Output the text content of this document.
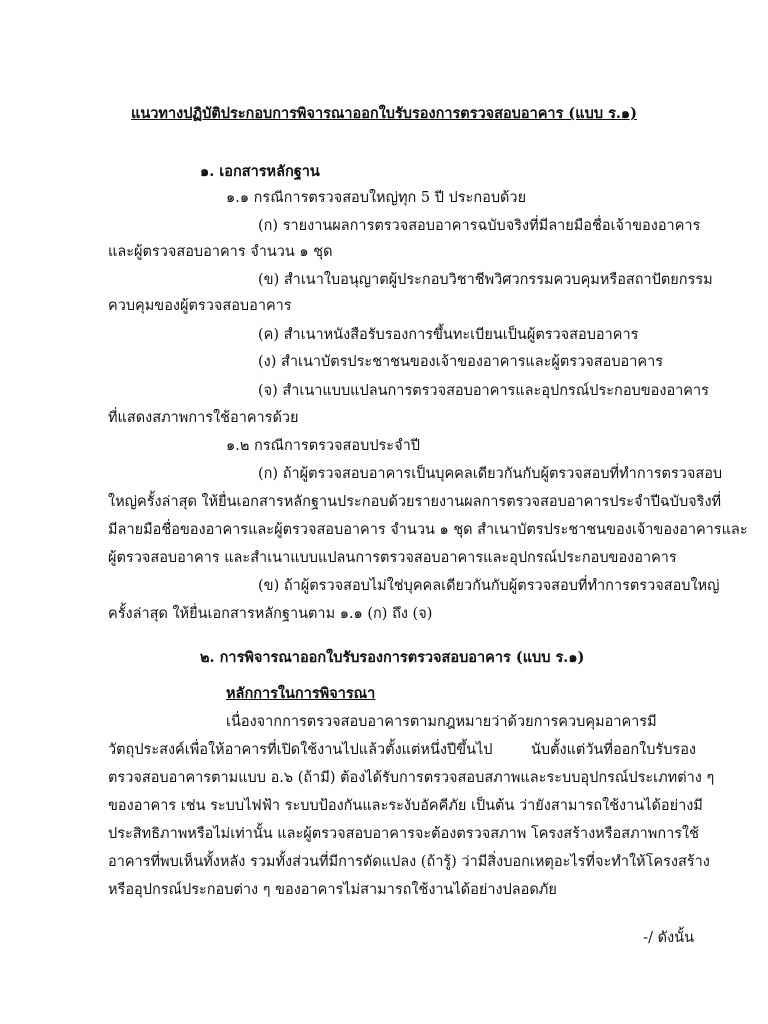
แนวทางปฏิบัติประกอบการพิจารณาออกใบรับรองการตรวจสอบอาคาร (แบบ ร.๑)
๑. เอกสารหลักฐาน
๑.๑ กรณีการตรวจสอบใหญ่ทุก 5 ปี ประกอบด้วย
(ก) รายงานผลการตรวจสอบอาคารฉบับจริงที่มีลายมือชื่อเจ้าของอาคาร
และผู้ตรวจสอบอาคาร จำนวน ๑ ชุด
(ข) สำเนาใบอนุญาตผู้ประกอบวิชาชีพวิศวกรรมควบคุมหรือสถาปัตยกรรม
ควบคุมของผู้ตรวจสอบอาคาร
(ค) สำเนาหนังสือรับรองการขึ้นทะเบียนเป็นผู้ตรวจสอบอาคาร
(ง) สำเนาบัตรประชาชนของเจ้าของอาคารและผู้ตรวจสอบอาคาร
(จ) สำเนาแบบแปลนการตรวจสอบอาคารและอุปกรณ์ประกอบของอาคาร
ที่แสดงสภาพการใช้อาคารด้วย
๑.๒ กรณีการตรวจสอบประจำปี
(ก) ถ้าผู้ตรวจสอบอาคารเป็นบุคคลเดียวกันกับผู้ตรวจสอบที่ทำการตรวจสอบ
ใหญ่ครั้งล่าสุด ให้ยื่นเอกสารหลักฐานประกอบด้วยรายงานผลการตรวจสอบอาคารประจำปีฉบับจริงที่
มีลายมือชื่อของอาคารและผู้ตรวจสอบอาคาร จำนวน ๑ ชุด สำเนาบัตรประชาชนของเจ้าของอาคารและ
ผู้ตรวจสอบอาคาร และสำเนาแบบแปลนการตรวจสอบอาคารและอุปกรณ์ประกอบของอาคาร
(ข) ถ้าผู้ตรวจสอบไม่ใช่บุคคลเดียวกันกับผู้ตรวจสอบที่ทำการตรวจสอบใหญ่
ครั้งล่าสุด ให้ยื่นเอกสารหลักฐานตาม ๑.๑ (ก) ถึง (จ)
๒. การพิจารณาออกใบรับรองการตรวจสอบอาคาร (แบบ ร.๑)
หลักการในการพิจารณา
เนื่องจากการตรวจสอบอาคารตามกฎหมายว่าด้วยการควบคุมอาคารมี
วัตถุประสงค์เพื่อให้อาคารที่เปิดใช้งานไปแล้วตั้งแต่หนึ่งปีขึ้นไป นับตั้งแต่วันที่ออกใบรับรอง
ตรวจสอบอาคารตามแบบ อ.๖ (ถ้ามี) ต้องได้รับการตรวจสอบสภาพและระบบอุปกรณ์ประเภทต่าง ๆ
ของอาคาร เช่น ระบบไฟฟ้า ระบบป้องกันและระงับอัคคีภัย เป็นต้น ว่ายังสามารถใช้งานได้อย่างมี
ประสิทธิภาพหรือไม่เท่านั้น และผู้ตรวจสอบอาคารจะต้องตรวจสภาพ โครงสร้างหรือสภาพการใช้
อาคารที่พบเห็นทั้งหลัง รวมทั้งส่วนที่มีการดัดแปลง (ถ้ารู้) ว่ามีสิ่งบอกเหตุอะไรที่จะทำให้โครงสร้าง
หรืออุปกรณ์ประกอบต่าง ๆ ของอาคารไม่สามารถใช้งานได้อย่างปลอดภัย
-/ ดังนั้น
